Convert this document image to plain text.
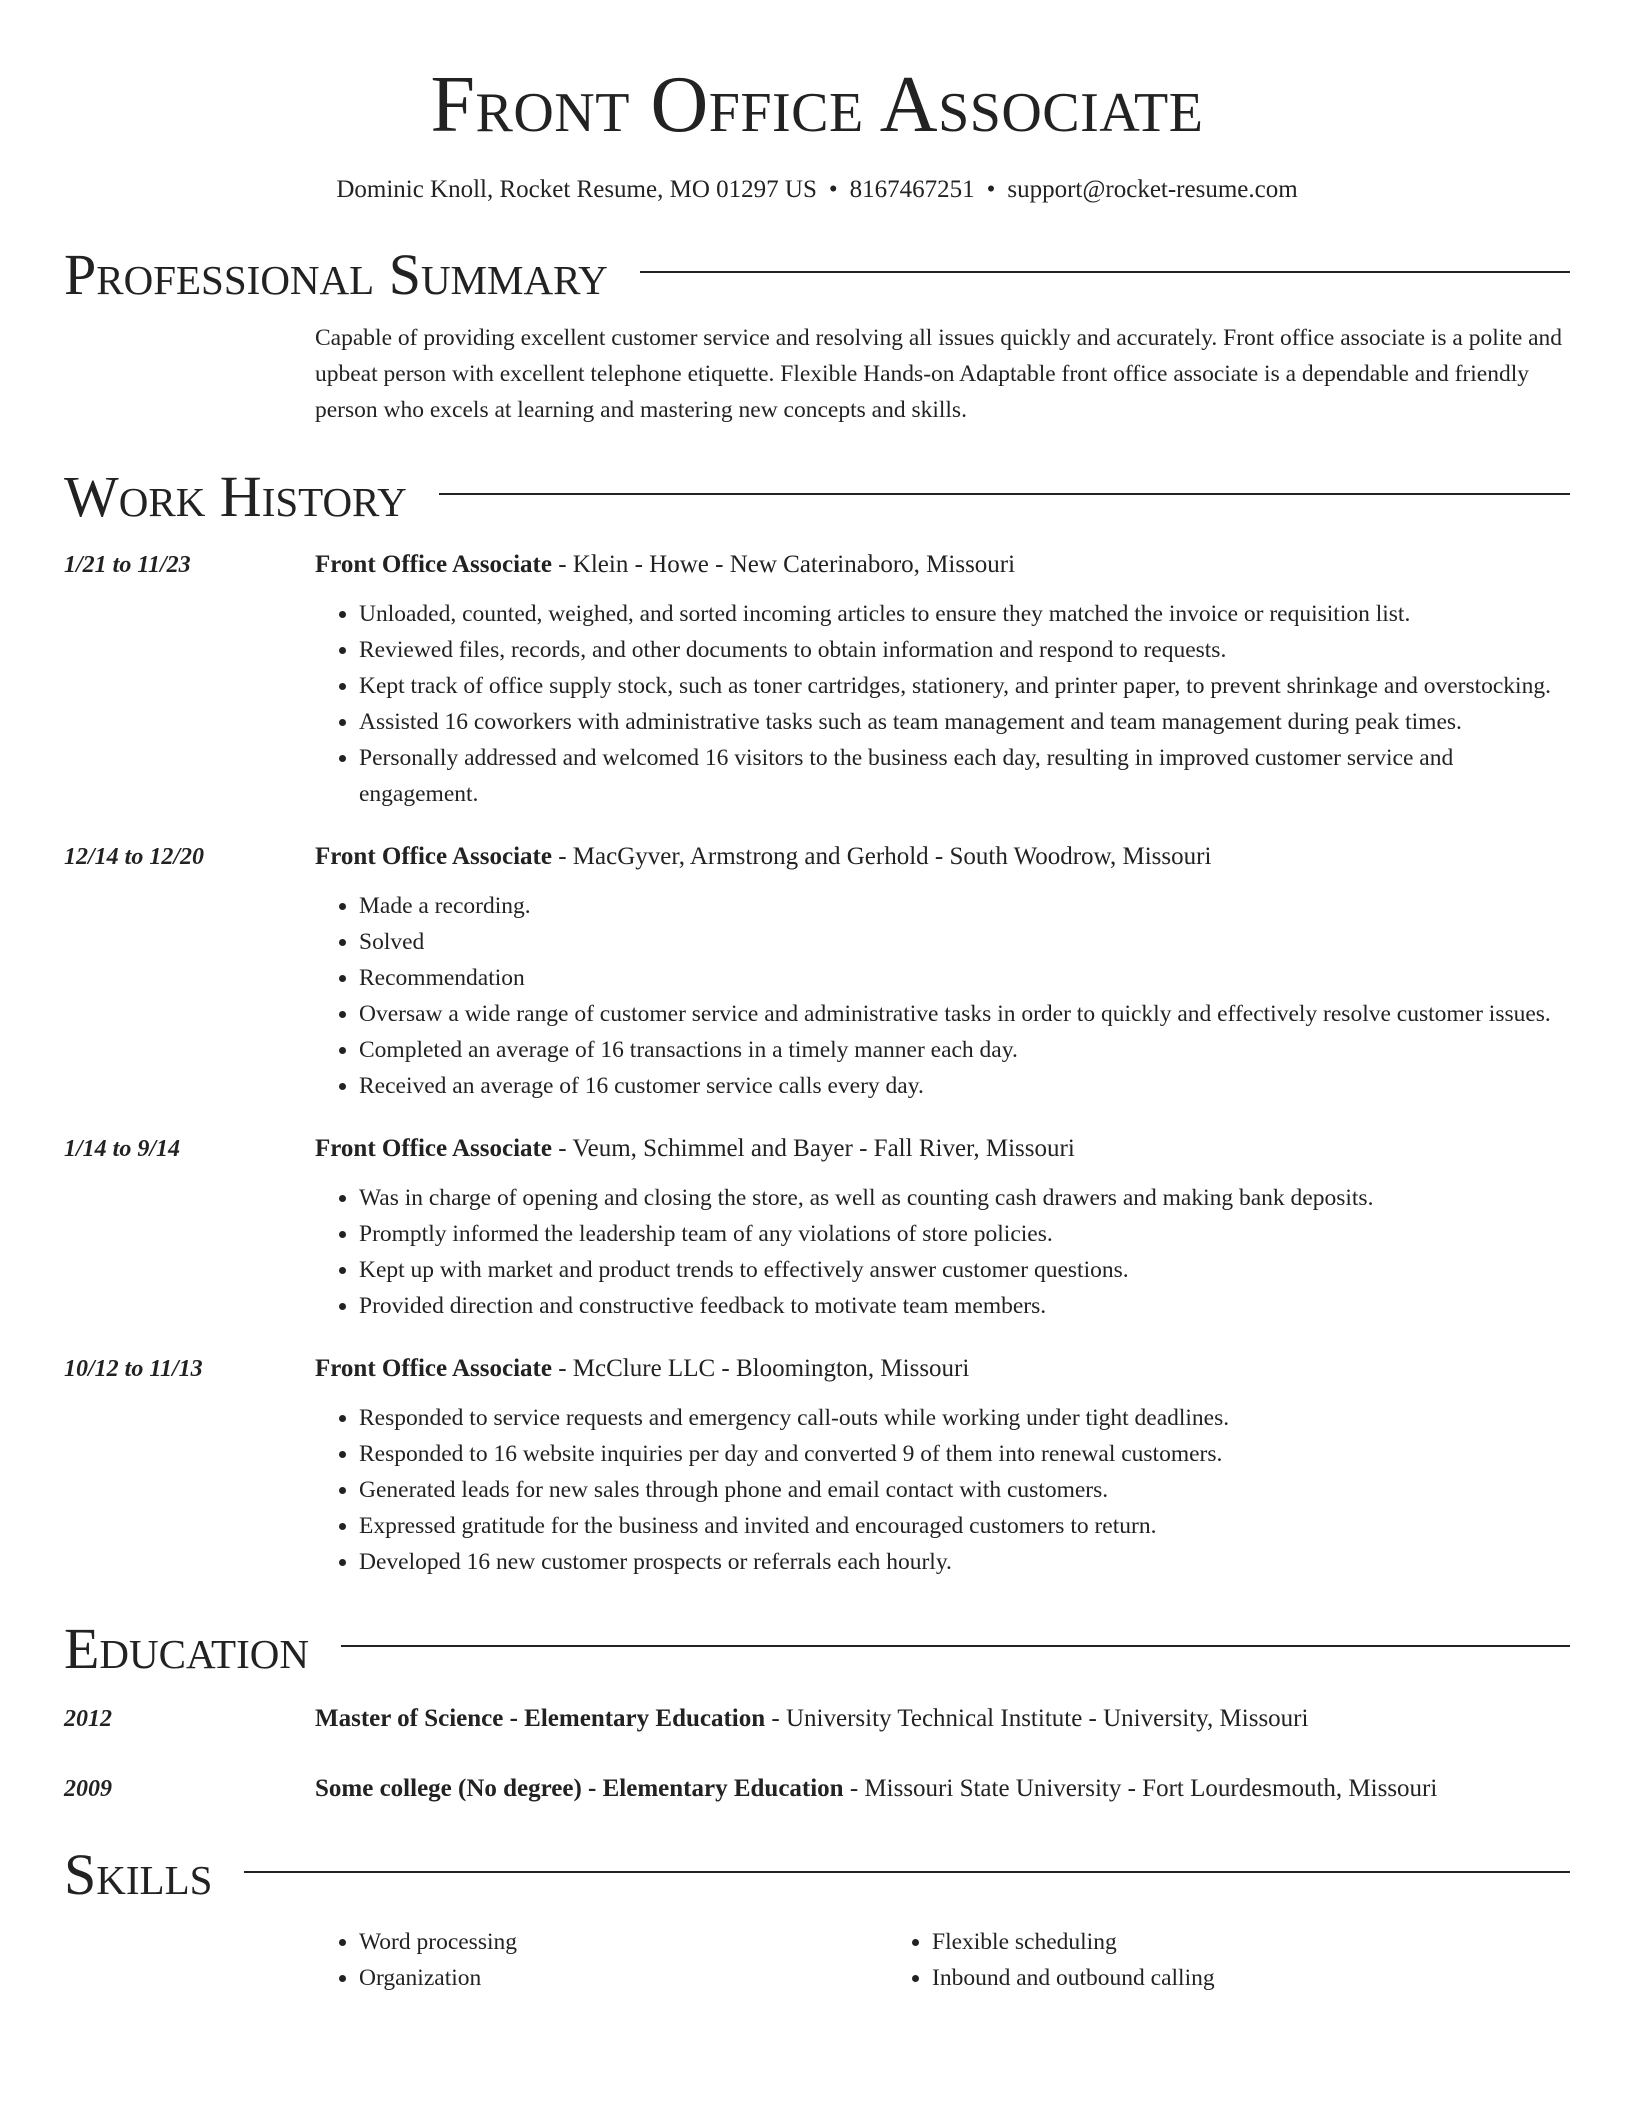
Front Office Associate
Dominic Knoll, Rocket Resume, MO 01297 US • 8167467251 • support@rocket-resume.com
Professional Summary
Capable of providing excellent customer service and resolving all issues quickly and accurately. Front office associate is a polite and upbeat person with excellent telephone etiquette. Flexible Hands-on Adaptable front office associate is a dependable and friendly person who excels at learning and mastering new concepts and skills.
Work History
1/21 to 11/23	Front Office Associate - Klein - Howe - New Caterinaboro, Missouri
• Unloaded, counted, weighed, and sorted incoming articles to ensure they matched the invoice or requisition list.
• Reviewed files, records, and other documents to obtain information and respond to requests.
• Kept track of office supply stock, such as toner cartridges, stationery, and printer paper, to prevent shrinkage and overstocking.
• Assisted 16 coworkers with administrative tasks such as team management and team management during peak times.
• Personally addressed and welcomed 16 visitors to the business each day, resulting in improved customer service and engagement.
12/14 to 12/20	Front Office Associate - MacGyver, Armstrong and Gerhold - South Woodrow, Missouri
• Made a recording.
• Solved
• Recommendation
• Oversaw a wide range of customer service and administrative tasks in order to quickly and effectively resolve customer issues.
• Completed an average of 16 transactions in a timely manner each day.
• Received an average of 16 customer service calls every day.
1/14 to 9/14	Front Office Associate - Veum, Schimmel and Bayer - Fall River, Missouri
• Was in charge of opening and closing the store, as well as counting cash drawers and making bank deposits.
• Promptly informed the leadership team of any violations of store policies.
• Kept up with market and product trends to effectively answer customer questions.
• Provided direction and constructive feedback to motivate team members.
10/12 to 11/13	Front Office Associate - McClure LLC - Bloomington, Missouri
• Responded to service requests and emergency call-outs while working under tight deadlines.
• Responded to 16 website inquiries per day and converted 9 of them into renewal customers.
• Generated leads for new sales through phone and email contact with customers.
• Expressed gratitude for the business and invited and encouraged customers to return.
• Developed 16 new customer prospects or referrals each hourly.
Education
2012	Master of Science - Elementary Education - University Technical Institute - University, Missouri
2009	Some college (No degree) - Elementary Education - Missouri State University - Fort Lourdesmouth, Missouri
Skills
• Word processing
• Organization
• Flexible scheduling
• Inbound and outbound calling
